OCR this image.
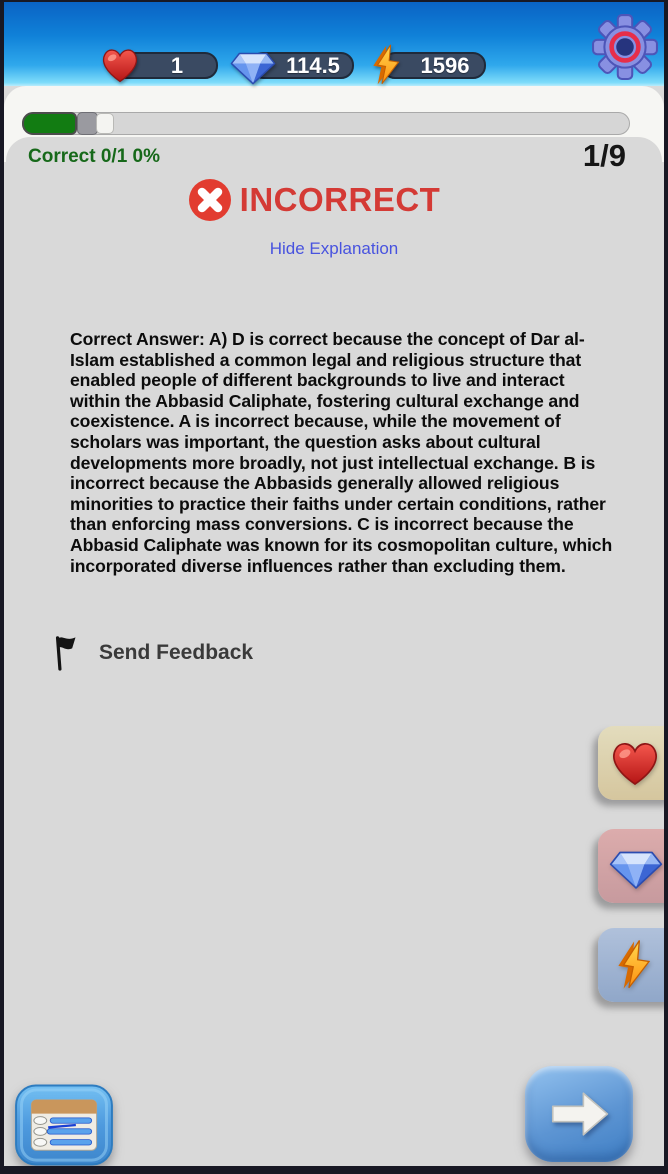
1	114.5	1596
Correct 0/1 0%	1/9
INCORRECT
Hide Explanation
Correct Answer: A) D is correct because the concept of Dar al-Islam established a common legal and religious structure that enabled people of different backgrounds to live and interact within the Abbasid Caliphate, fostering cultural exchange and coexistence. A is incorrect because, while the movement of scholars was important, the question asks about cultural developments more broadly, not just intellectual exchange. B is incorrect because the Abbasids generally allowed religious minorities to practice their faiths under certain conditions, rather than enforcing mass conversions. C is incorrect because the Abbasid Caliphate was known for its cosmopolitan culture, which incorporated diverse influences rather than excluding them.
Send Feedback
